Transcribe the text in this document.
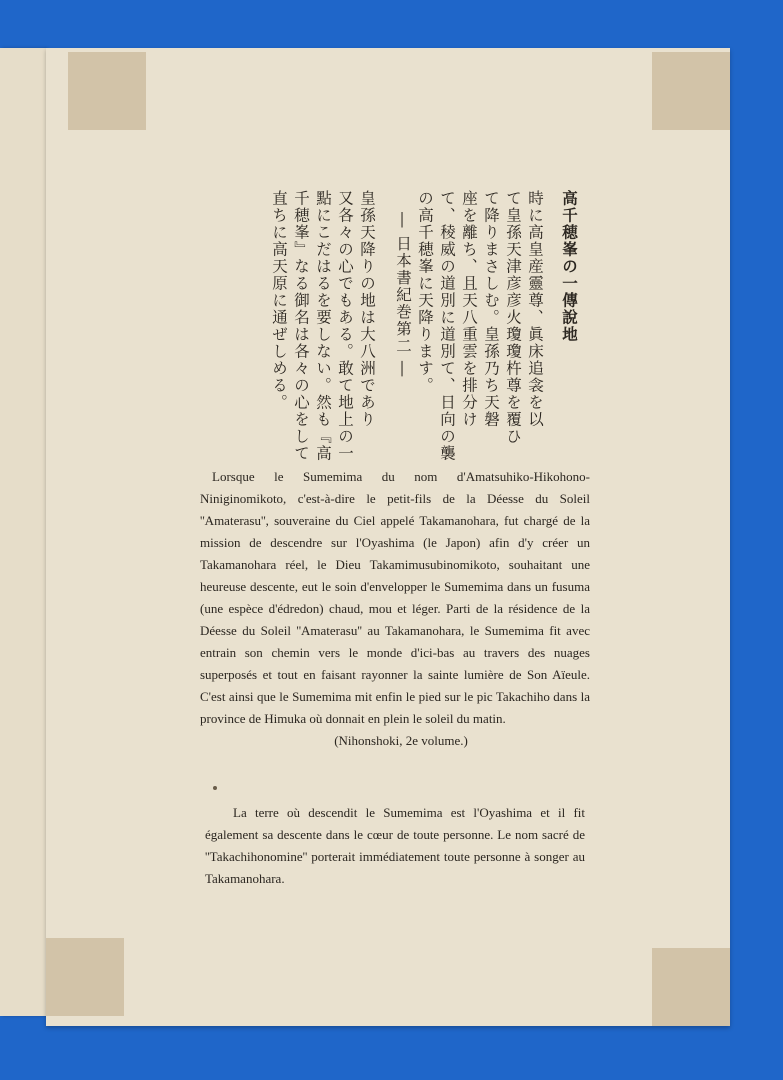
高千穂峯の一傳說地

時に高皇産靈尊、眞床追衾を以

て皇孫天津彦彦火瓊瓊杵尊を覆ひ

て降りまさしむ。皇孫乃ち天磐

座を離ち、且天八重雲を排分け

て、稜威の道別に道別て、日向の襲

の高千穂峯に天降ります。

― 日本書紀巻第二 ―

皇孫天降りの地は大八洲であり

又各々の心でもある。敢て地上の一

點にこだはるを要しない。然も『高

千穂峯』なる御名は各々の心をして

直ちに高天原に通ぜしめる。

Lorsque le Sumemima du nom d'Amatsuhiko-Hikohono-Niniginomikoto, c'est-à-dire le petit-fils de la Déesse du Soleil ''Amaterasu'', souveraine du Ciel appelé Takamanohara, fut chargé de la mission de descendre sur l'Oyashima (le Japon) afin d'y créer un Takamanohara réel, le Dieu Takamimusubinomikoto, souhaitant une heureuse descente, eut le soin d'envelopper le Sumemima dans un fusuma (une espèce d'édredon) chaud, mou et léger. Parti de la résidence de la Déesse du Soleil ''Amaterasu'' au Takamanohara, le Sumemima fit avec entrain son chemin vers le monde d'ici-bas au travers des nuages superposés et tout en faisant rayonner la sainte lumière de Son Aïeule. C'est ainsi que le Sumemima mit enfin le pied sur le pic Takachiho dans la province de Himuka où donnait en plein le soleil du matin.

(Nihonshoki, 2e volume.)

La terre où descendit le Sumemima est l'Oyashima et il fit également sa descente dans le cœur de toute personne. Le nom sacré de ''Takachihonomine'' porterait immédiatement toute personne à songer au Takamanohara.
